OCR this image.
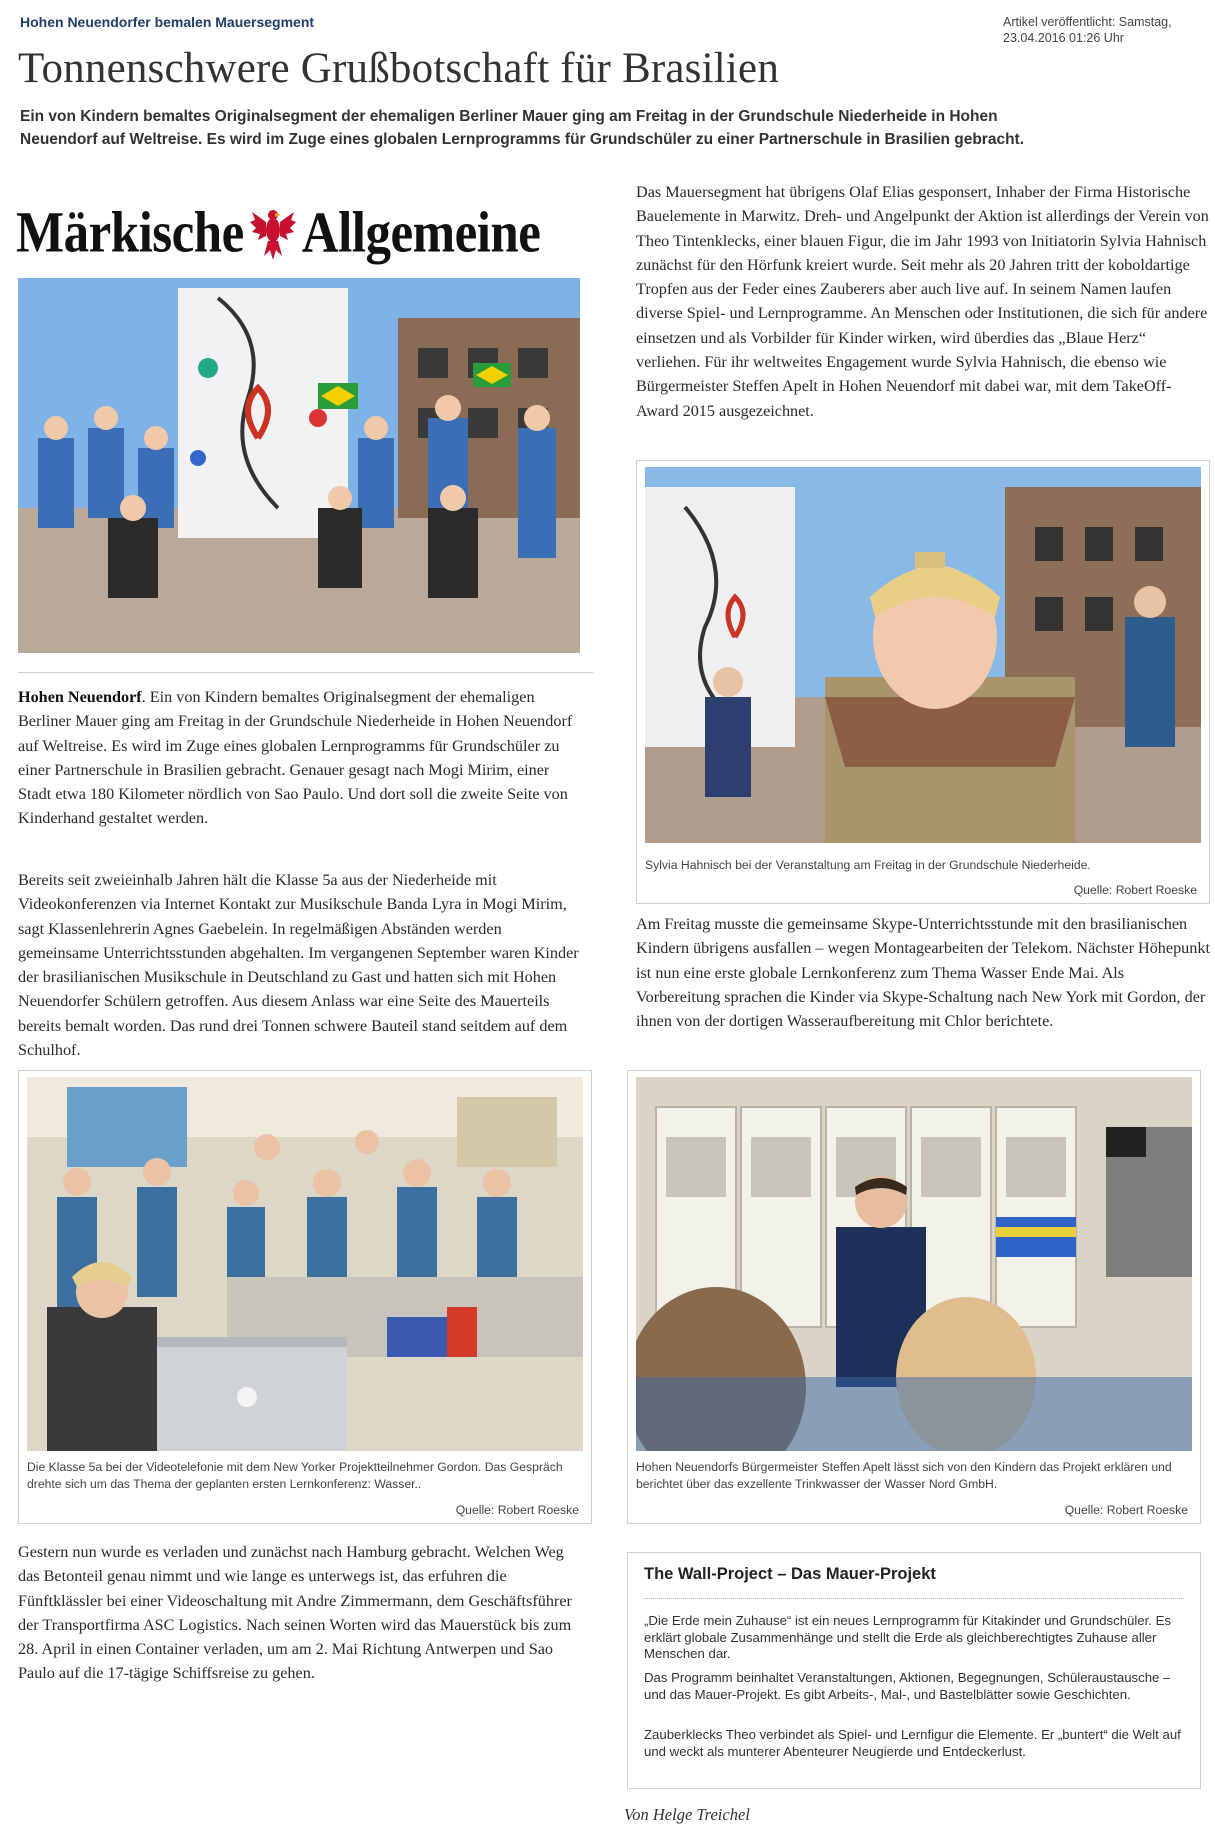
Hohen Neuendorfer bemalen Mauersegment	Artikel veröffentlicht: Samstag, 23.04.2016 01:26 Uhr
Tonnenschwere Grußbotschaft für Brasilien

Ein von Kindern bemaltes Originalsegment der ehemaligen Berliner Mauer ging am Freitag in der Grundschule Niederheide in Hohen Neuendorf auf Weltreise. Es wird im Zuge eines globalen Lernprogramms für Grundschüler zu einer Partnerschule in Brasilien gebracht.

Märkische Allgemeine
Hohen Neuendorf. Ein von Kindern bemaltes Originalsegment der ehemaligen Berliner Mauer ging am Freitag in der Grundschule Niederheide in Hohen Neuendorf auf Weltreise. Es wird im Zuge eines globalen Lernprogramms für Grundschüler zu einer Partnerschule in Brasilien gebracht. Genauer gesagt nach Mogi Mirim, einer Stadt etwa 180 Kilometer nördlich von Sao Paulo. Und dort soll die zweite Seite von Kinderhand gestaltet werden.
Bereits seit zweieinhalb Jahren hält die Klasse 5a aus der Niederheide mit Videokonferenzen via Internet Kontakt zur Musikschule Banda Lyra in Mogi Mirim, sagt Klassenlehrerin Agnes Gaebelein. In regelmäßigen Abständen werden gemeinsame Unterrichtsstunden abgehalten. Im vergangenen September waren Kinder der brasilianischen Musikschule in Deutschland zu Gast und hatten sich mit Hohen Neuendorfer Schülern getroffen. Aus diesem Anlass war eine Seite des Mauerteils bereits bemalt worden. Das rund drei Tonnen schwere Bauteil stand seitdem auf dem Schulhof.
Das Mauersegment hat übrigens Olaf Elias gesponsert, Inhaber der Firma Historische Bauelemente in Marwitz. Dreh- und Angelpunkt der Aktion ist allerdings der Verein von Theo Tintenklecks, einer blauen Figur, die im Jahr 1993 von Initiatorin Sylvia Hahnisch zunächst für den Hörfunk kreiert wurde. Seit mehr als 20 Jahren tritt der koboldartige Tropfen aus der Feder eines Zauberers aber auch live auf. In seinem Namen laufen diverse Spiel- und Lernprogramme. An Menschen oder Institutionen, die sich für andere einsetzen und als Vorbilder für Kinder wirken, wird überdies das „Blaue Herz“ verliehen. Für ihr weltweites Engagement wurde Sylvia Hahnisch, die ebenso wie Bürgermeister Steffen Apelt in Hohen Neuendorf mit dabei war, mit dem TakeOff-Award 2015 ausgezeichnet.
Sylvia Hahnisch bei der Veranstaltung am Freitag in der Grundschule Niederheide.
Quelle: Robert Roeske
Am Freitag musste die gemeinsame Skype-Unterrichtsstunde mit den brasilianischen Kindern übrigens ausfallen – wegen Montagearbeiten der Telekom. Nächster Höhepunkt ist nun eine erste globale Lernkonferenz zum Thema Wasser Ende Mai. Als Vorbereitung sprachen die Kinder via Skype-Schaltung nach New York mit Gordon, der ihnen von der dortigen Wasseraufbereitung mit Chlor berichtete.
Die Klasse 5a bei der Videotelefonie mit dem New Yorker Projektteilnehmer Gordon. Das Gespräch drehte sich um das Thema der geplanten ersten Lernkonferenz: Wasser..
Quelle: Robert Roeske
Hohen Neuendorfs Bürgermeister Steffen Apelt lässt sich von den Kindern das Projekt erklären und berichtet über das exzellente Trinkwasser der Wasser Nord GmbH.
Quelle: Robert Roeske
Gestern nun wurde es verladen und zunächst nach Hamburg gebracht. Welchen Weg das Betonteil genau nimmt und wie lange es unterwegs ist, das erfuhren die Fünftklässler bei einer Videoschaltung mit Andre Zimmermann, dem Geschäftsführer der Transportfirma ASC Logistics. Nach seinen Worten wird das Mauerstück bis zum 28. April in einen Container verladen, um am 2. Mai Richtung Antwerpen und Sao Paulo auf die 17-tägige Schiffsreise zu gehen.
The Wall-Project – Das Mauer-Projekt
„Die Erde mein Zuhause“ ist ein neues Lernprogramm für Kitakinder und Grundschüler. Es erklärt globale Zusammenhänge und stellt die Erde als gleichberechtigtes Zuhause aller Menschen dar.
Das Programm beinhaltet Veranstaltungen, Aktionen, Begegnungen, Schüleraustausche – und das Mauer-Projekt. Es gibt Arbeits-, Mal-, und Bastelblätter sowie Geschichten.
Zauberklecks Theo verbindet als Spiel- und Lernfigur die Elemente. Er „buntert“ die Welt auf und weckt als munterer Abenteurer Neugierde und Entdeckerlust.
Von Helge Treichel
